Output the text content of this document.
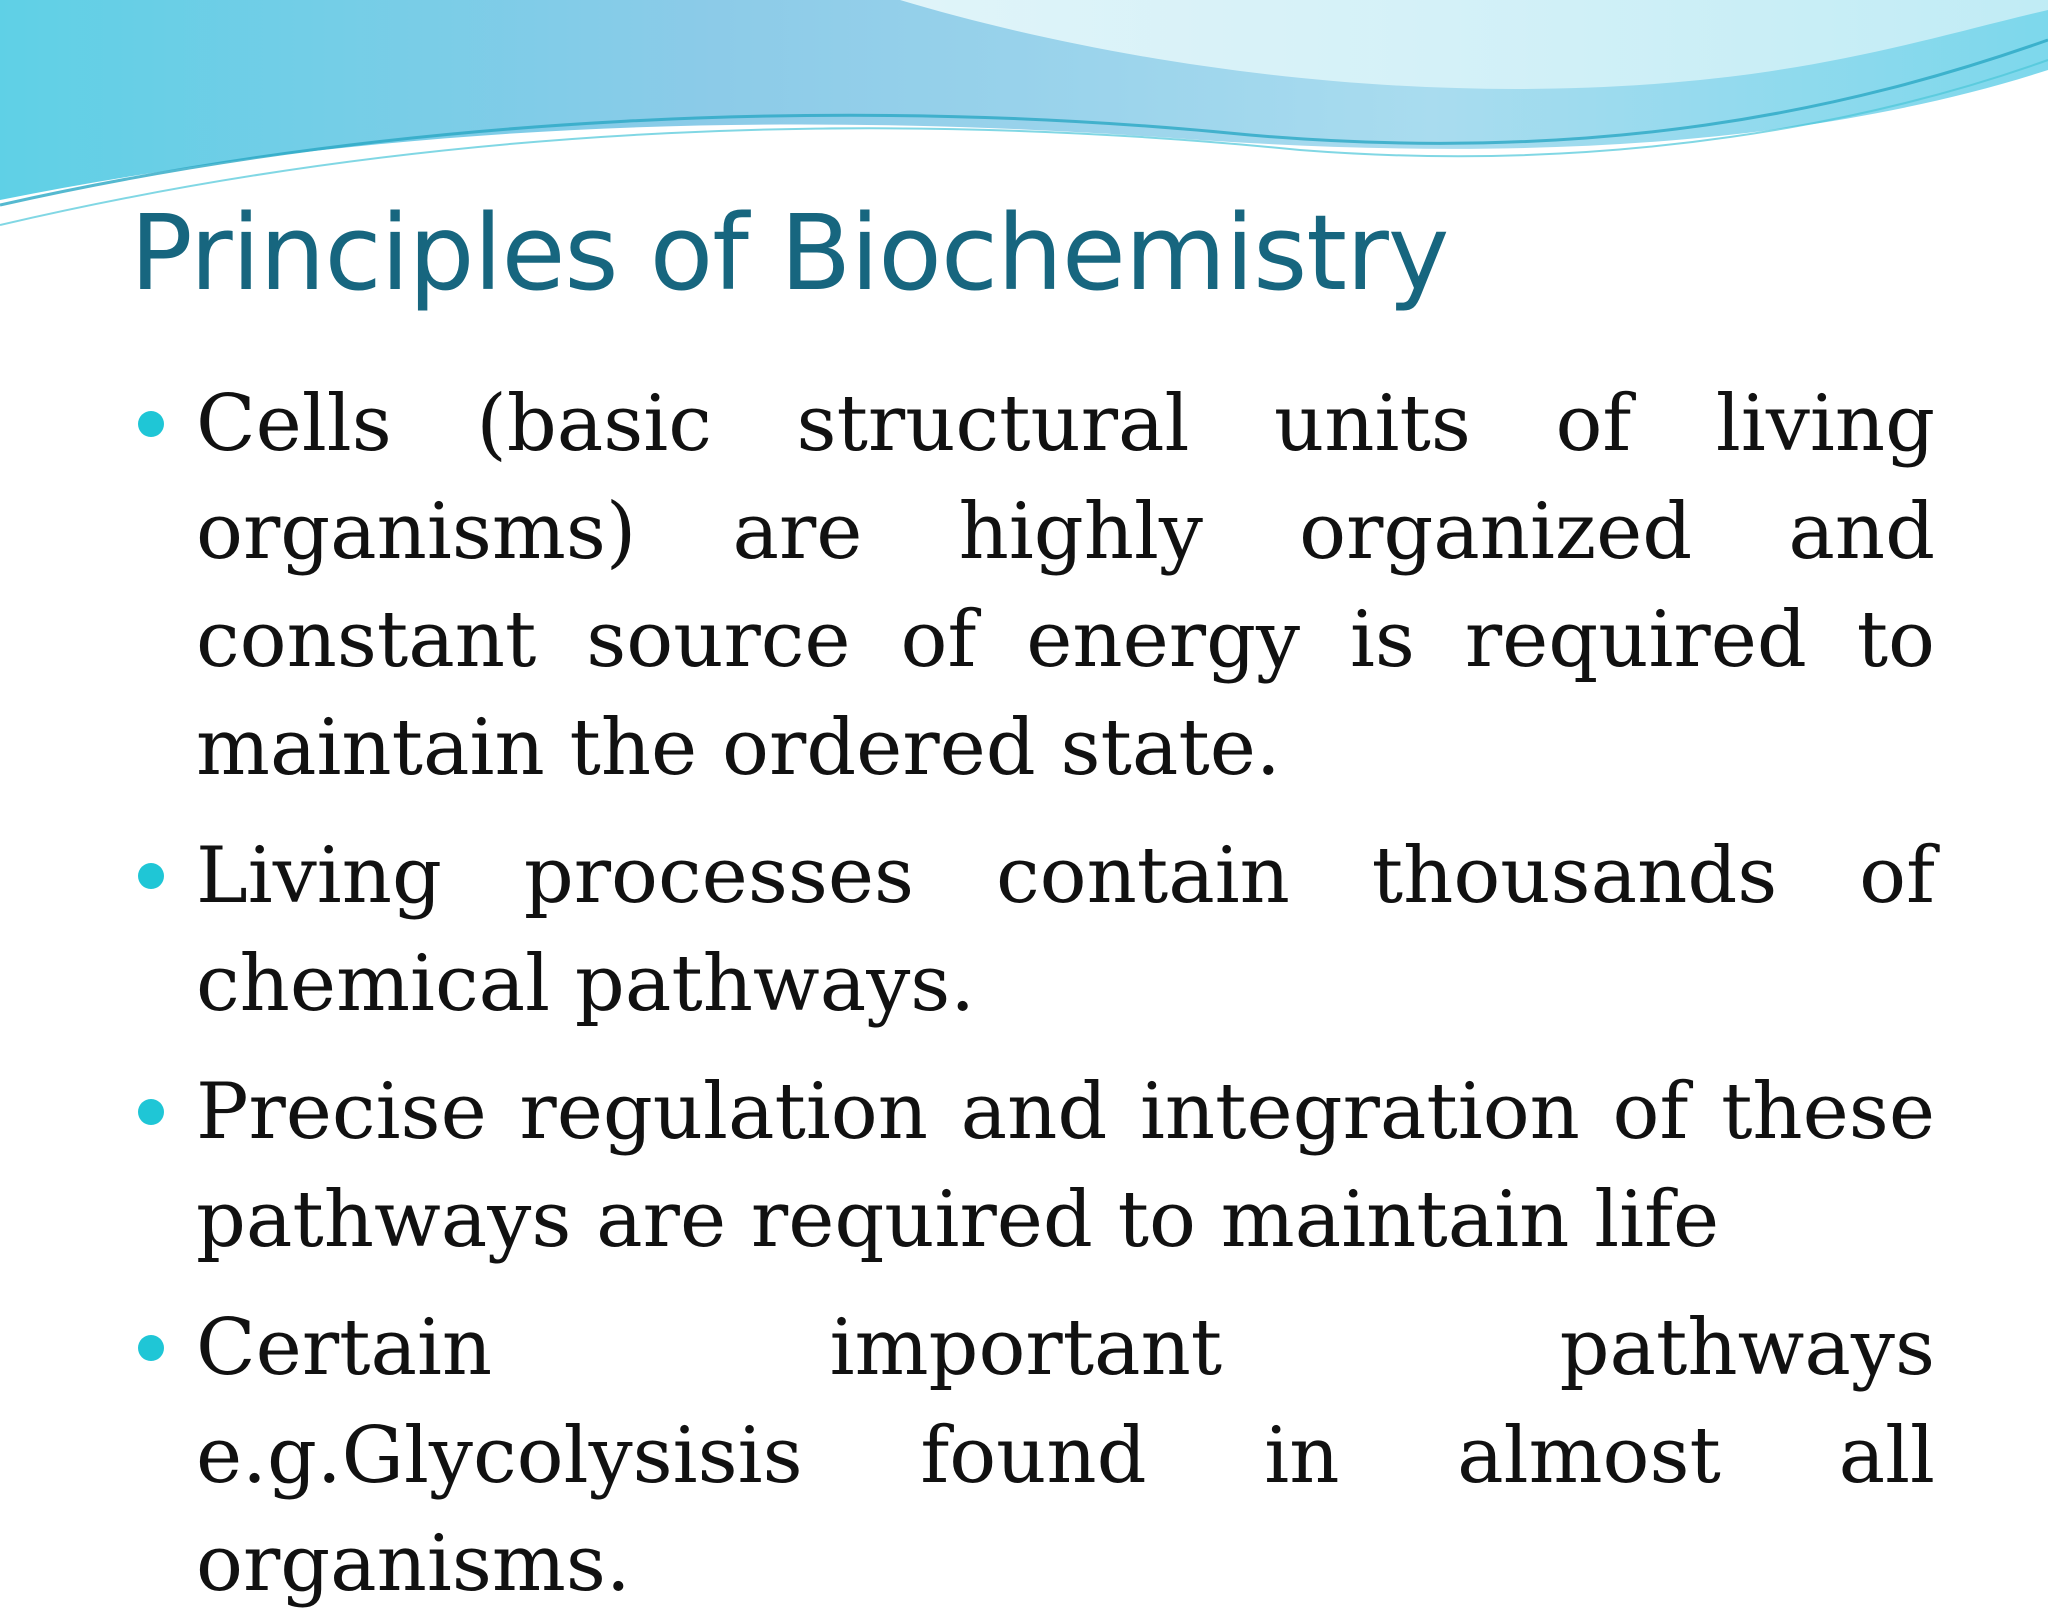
Principles of Biochemistry
Cells (basic structural units of living organisms) are highly organized and constant source of energy is required to maintain the ordered state.
Living processes contain thousands of chemical pathways.
Precise regulation and integration of these pathways are required to maintain life
Certain important pathways e.g.Glycolysisis found in almost all organisms.
